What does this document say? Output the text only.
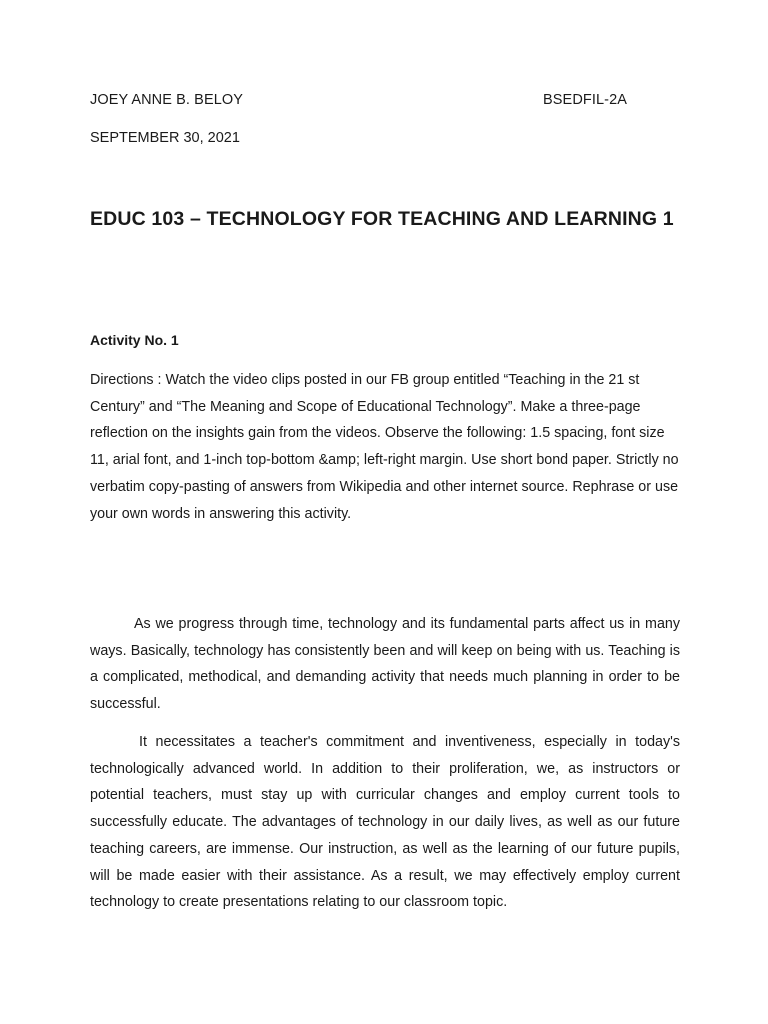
JOEY ANNE B. BELOY	BSEDFIL-2A
SEPTEMBER 30, 2021
EDUC 103 – TECHNOLOGY FOR TEACHING AND LEARNING 1

Activity No. 1

Directions : Watch the video clips posted in our FB group entitled “Teaching in the 21 st Century” and “The Meaning and Scope of Educational Technology”. Make a three-page reflection on the insights gain from the videos. Observe the following: 1.5 spacing, font size 11, arial font, and 1-inch top-bottom &amp; left-right margin. Use short bond paper. Strictly no verbatim copy-pasting of answers from Wikipedia and other internet source. Rephrase or use your own words in answering this activity.

As we progress through time, technology and its fundamental parts affect us in many ways. Basically, technology has consistently been and will keep on being with us. Teaching is a complicated, methodical, and demanding activity that needs much planning in order to be successful.

It necessitates a teacher's commitment and inventiveness, especially in today's technologically advanced world. In addition to their proliferation, we, as instructors or potential teachers, must stay up with curricular changes and employ current tools to successfully educate. The advantages of technology in our daily lives, as well as our future teaching careers, are immense. Our instruction, as well as the learning of our future pupils, will be made easier with their assistance. As a result, we may effectively employ current technology to create presentations relating to our classroom topic.
